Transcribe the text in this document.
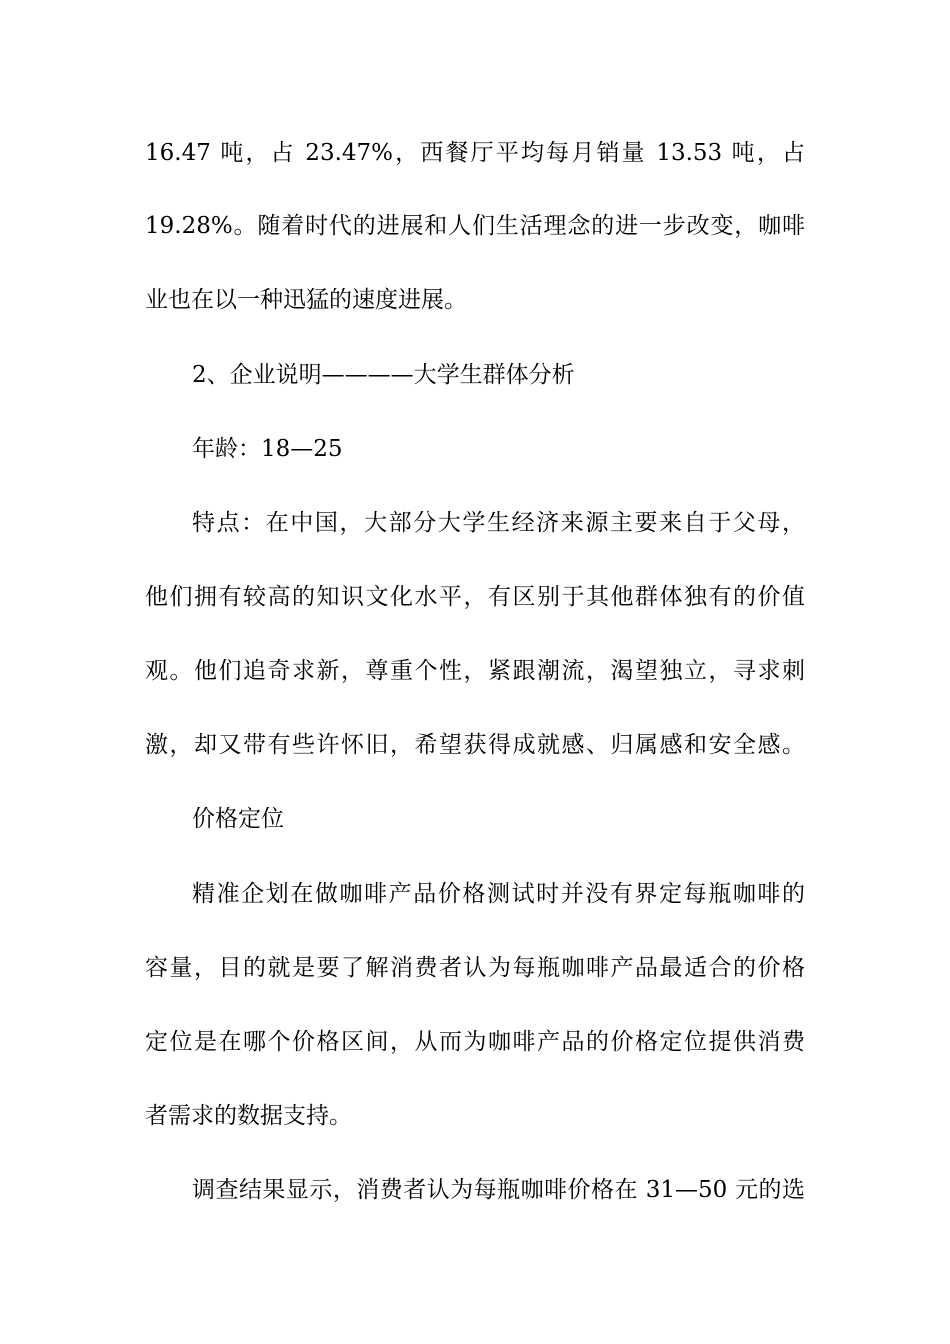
16.47 吨，占 23.47%，西餐厅平均每月销量 13.53 吨，占
19.28%。随着时代的进展和人们生活理念的进一步改变，咖啡
业也在以一种迅猛的速度进展。
2、企业说明————大学生群体分析
年龄：18—25
特点：在中国，大部分大学生经济来源主要来自于父母，
他们拥有较高的知识文化水平，有区别于其他群体独有的价值
观。他们追奇求新，尊重个性，紧跟潮流，渴望独立，寻求刺
激，却又带有些许怀旧，希望获得成就感、归属感和安全感。
价格定位
精准企划在做咖啡产品价格测试时并没有界定每瓶咖啡的
容量，目的就是要了解消费者认为每瓶咖啡产品最适合的价格
定位是在哪个价格区间，从而为咖啡产品的价格定位提供消费
者需求的数据支持。
调查结果显示，消费者认为每瓶咖啡价格在 31—50 元的选
